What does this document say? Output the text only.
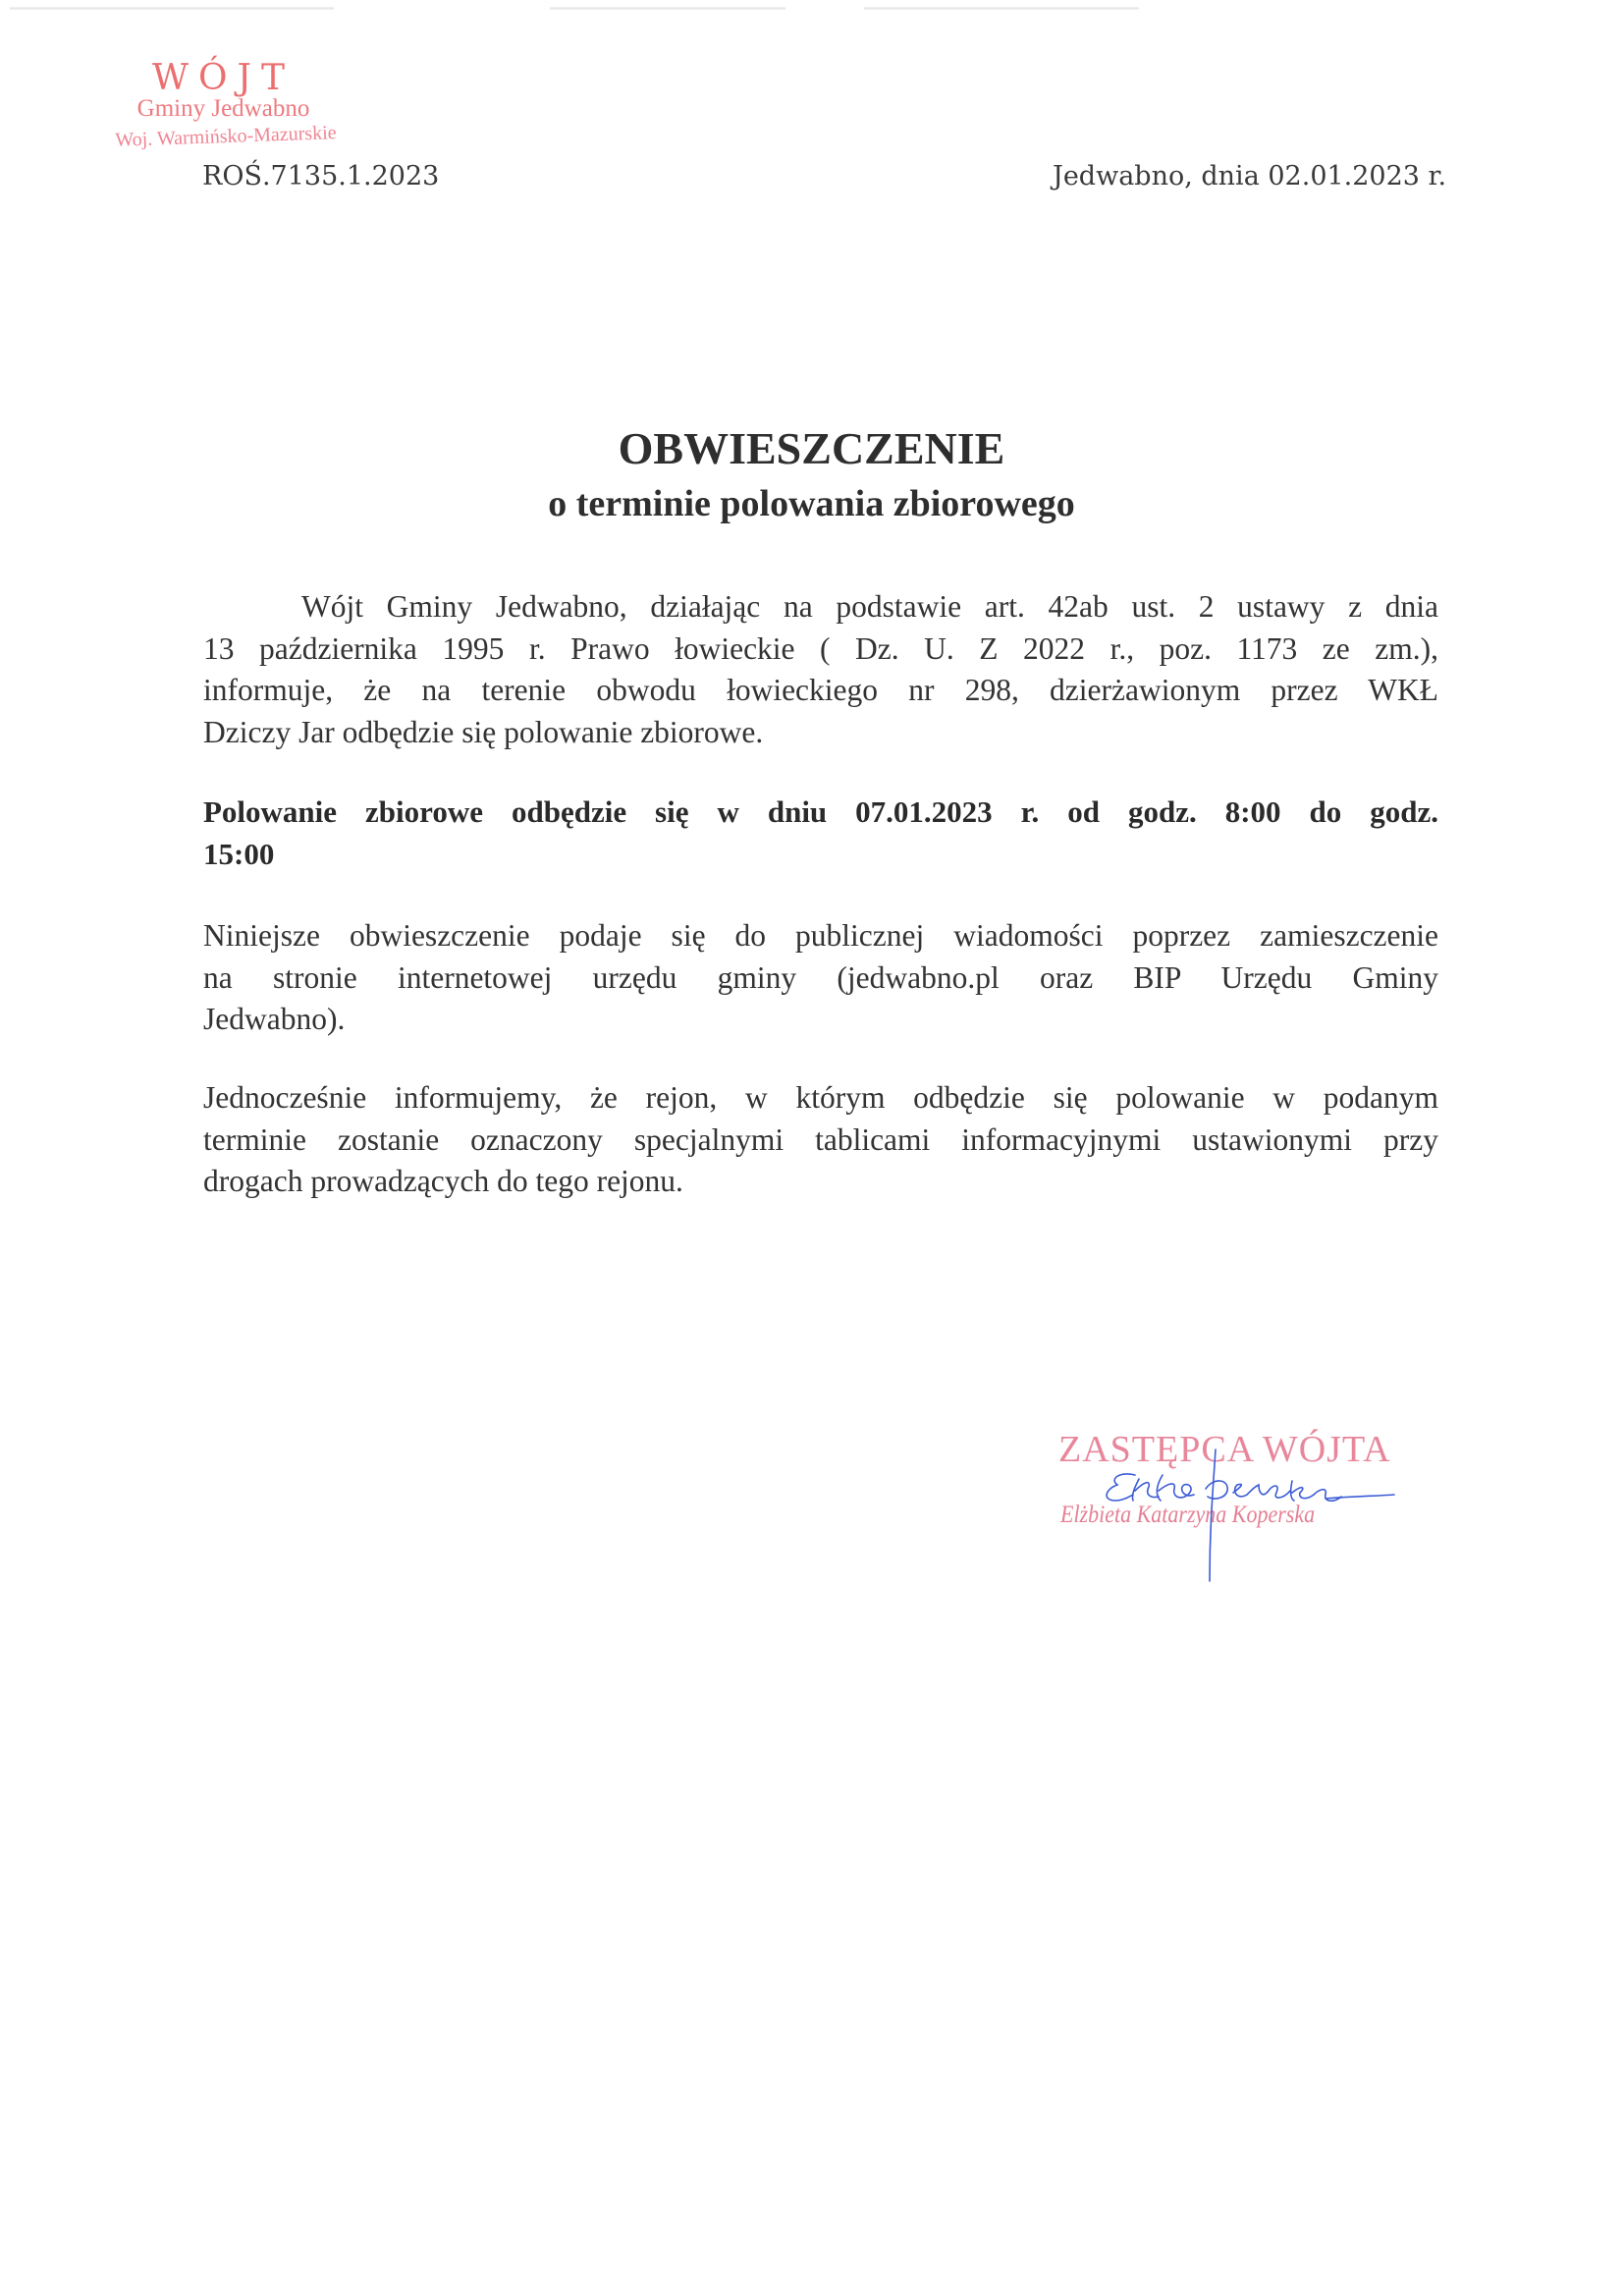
WÓJT
Gminy Jedwabno
Woj. Warmińsko-Mazurskie
ROŚ.7135.1.2023	Jedwabno, dnia 02.01.2023 r.
OBWIESZCZENIE
o terminie polowania zbiorowego
Wójt Gminy Jedwabno, działając na podstawie art. 42ab ust. 2 ustawy z dnia
13 października 1995 r. Prawo łowieckie ( Dz. U. Z 2022 r., poz. 1173 ze zm.),
informuje, że na terenie obwodu łowieckiego nr 298, dzierżawionym przez WKŁ
Dziczy Jar odbędzie się polowanie zbiorowe.
Polowanie zbiorowe odbędzie się w dniu 07.01.2023 r. od godz. 8:00 do godz.
15:00
Niniejsze obwieszczenie podaje się do publicznej wiadomości poprzez zamieszczenie
na stronie internetowej urzędu gminy (jedwabno.pl oraz BIP Urzędu Gminy
Jedwabno).
Jednocześnie informujemy, że rejon, w którym odbędzie się polowanie w podanym
terminie zostanie oznaczony specjalnymi tablicami informacyjnymi ustawionymi przy
drogach prowadzących do tego rejonu.
ZASTĘPCA WÓJTA
Elżbieta Katarzyna Koperska
